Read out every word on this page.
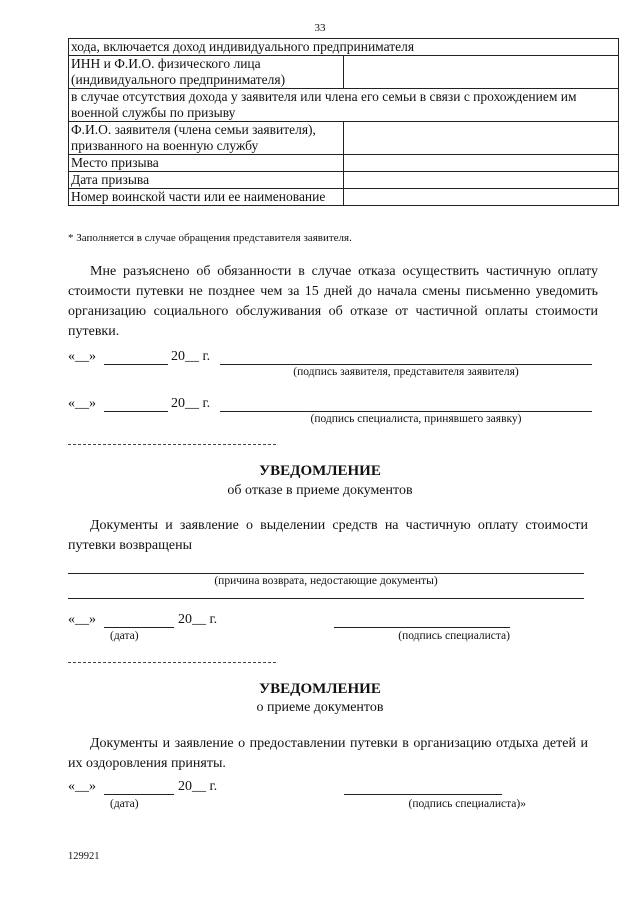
33
хода, включается доход индивидуального предпринимателя	
ИНН и Ф.И.О. физического лица (индивидуального предпринимателя)	
в случае отсутствия дохода у заявителя или члена его семьи в связи с прохождением им военной службы по призыву	
Ф.И.О. заявителя (члена семьи заявителя), призванного на военную службу	
Место призыва	
Дата призыва	
Номер воинской части или ее наименование	
* Заполняется в случае обращения представителя заявителя.
Мне разъяснено об обязанности в случае отказа осуществить частичную оплату стоимости путевки не позднее чем за 15 дней до начала смены письменно уведомить организацию социального обслуживания об отказе от частичной оплаты стоимости путевки.
«__»	20__ г.
(подпись заявителя, представителя заявителя)
«__»	20__ г.
(подпись специалиста, принявшего заявку)
УВЕДОМЛЕНИЕ
об отказе в приеме документов
Документы и заявление о выделении средств на частичную оплату стоимости путевки возвращены
(причина возврата, недостающие документы)
«__»	20__ г.
(дата)	(подпись специалиста)
УВЕДОМЛЕНИЕ
о приеме документов
Документы и заявление о предоставлении путевки в организацию отдыха детей и их оздоровления приняты.
«__»	20__ г.
(дата)	(подпись специалиста)»
129921
